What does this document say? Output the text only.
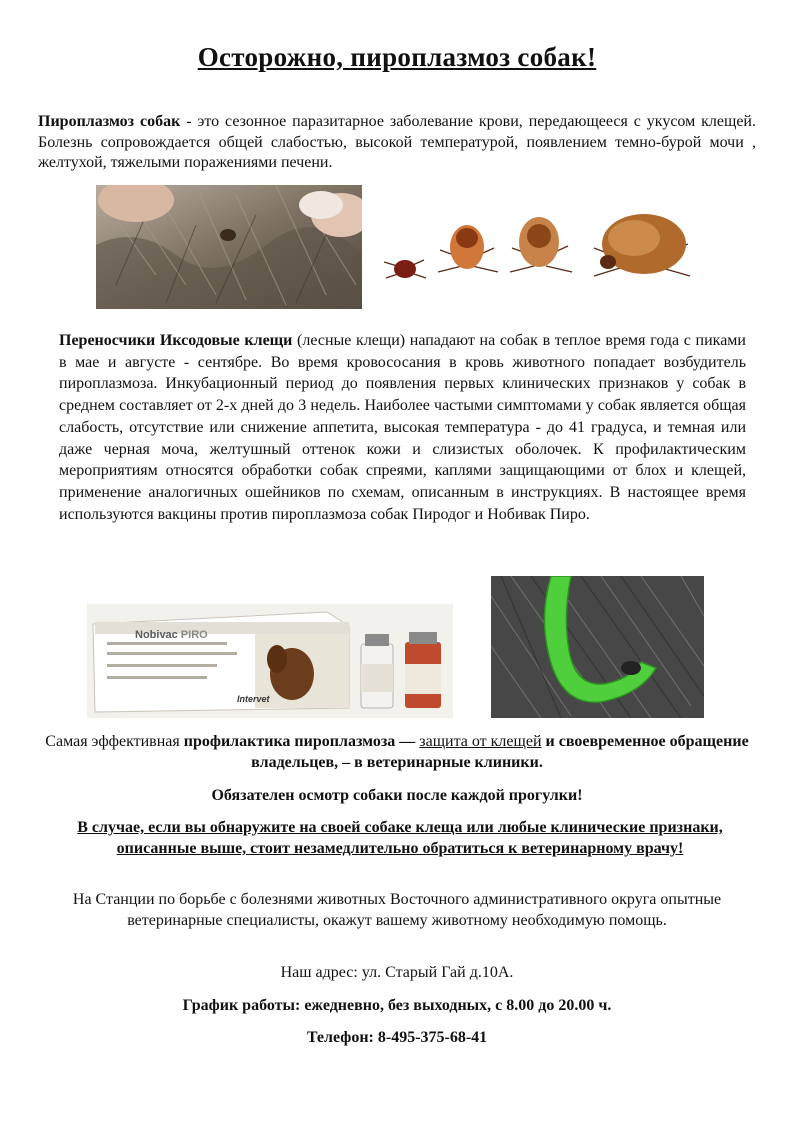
Осторожно, пироплазмоз собак!
Пироплазмоз собак - это сезонное паразитарное заболевание крови, передающееся с укусом клещей. Болезнь сопровождается общей слабостью, высокой температурой, появлением темно-бурой мочи , желтухой, тяжелыми поражениями печени.
Переносчики Иксодовые клещи (лесные клещи) нападают на собак в теплое время года с пиками в мае и августе - сентябре. Во время кровососания в кровь животного попадает возбудитель пироплазмоза. Инкубационный период до появления первых клинических признаков у собак в среднем составляет от 2-х дней до 3 недель. Наиболее частыми симптомами у собак является общая слабость, отсутствие или снижение аппетита, высокая температура - до 41 градуса, и темная или даже черная моча, желтушный оттенок кожи и слизистых оболочек. К профилактическим мероприятиям относятся обработки собак спреями, каплями защищающими от блох и клещей, применение аналогичных ошейников по схемам, описанным в инструкциях. В настоящее время используются вакцины против пироплазмоза собак Пиродог и Нобивак Пиро.
Nobivac PIRO
Intervet
Самая эффективная профилактика пироплазмоза — защита от клещей и своевременное обращение владельцев, – в ветеринарные клиники.
Обязателен осмотр собаки после каждой прогулки!
В случае, если вы обнаружите на своей собаке клеща или любые клинические признаки, описанные выше, стоит незамедлительно обратиться к ветеринарному врачу!
На Станции по борьбе с болезнями животных Восточного административного округа опытные ветеринарные специалисты, окажут вашему животному необходимую помощь.
Наш адрес: ул. Старый Гай д.10А.
График работы: ежедневно, без выходных, с 8.00 до 20.00 ч.
Телефон: 8-495-375-68-41
